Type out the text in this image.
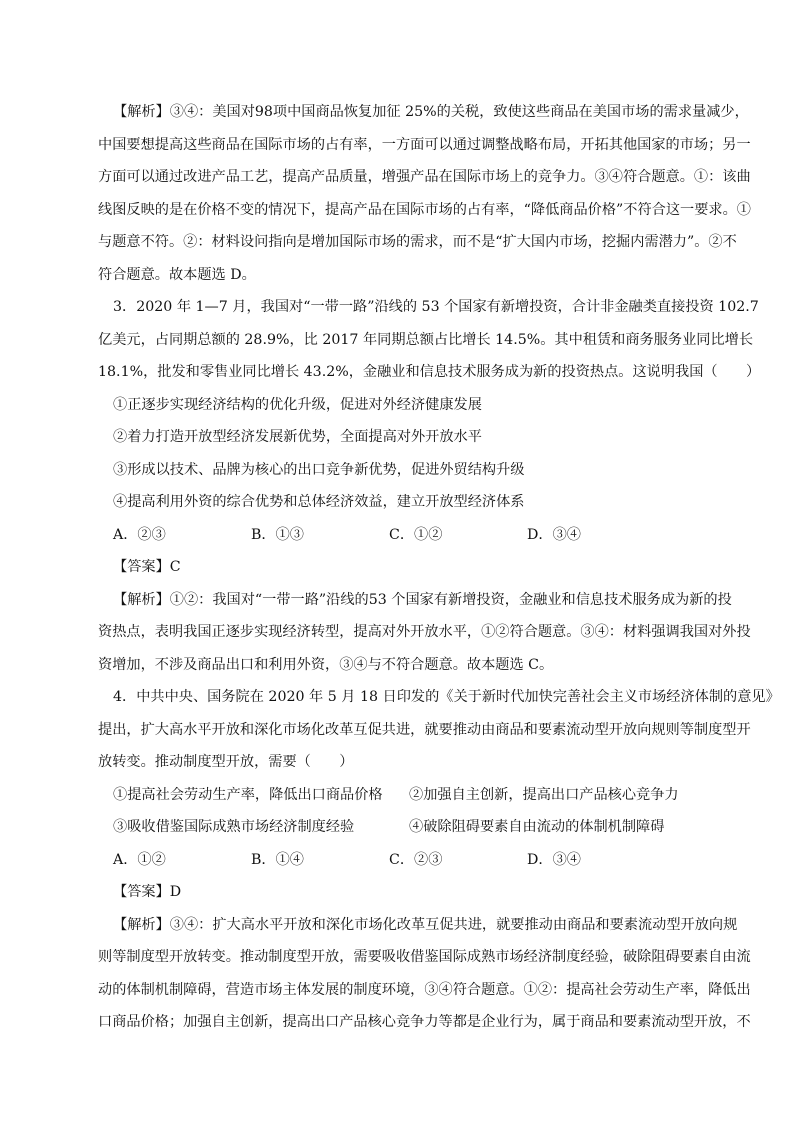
【解析】③④：美国对98项中国商品恢复加征 25%的关税，致使这些商品在美国市场的需求量减少，
中国要想提高这些商品在国际市场的占有率，一方面可以通过调整战略布局，开拓其他国家的市场；另一
方面可以通过改进产品工艺，提高产品质量，增强产品在国际市场上的竞争力。③④符合题意。①：该曲
线图反映的是在价格不变的情况下，提高产品在国际市场的占有率，“降低商品价格”不符合这一要求。①
与题意不符。②：材料设问指向是增加国际市场的需求，而不是“扩大国内市场，挖掘内需潜力”。②不
符合题意。故本题选 D。
3．2020 年 1—7 月，我国对“一带一路”沿线的 53 个国家有新增投资，合计非金融类直接投资 102.7
亿美元，占同期总额的 28.9%，比 2017 年同期总额占比增长 14.5%。其中租赁和商务服务业同比增长
18.1%，批发和零售业同比增长 43.2%，金融业和信息技术服务成为新的投资热点。这说明我国（　　）
①正逐步实现经济结构的优化升级，促进对外经济健康发展
②着力打造开放型经济发展新优势，全面提高对外开放水平
③形成以技术、品牌为核心的出口竞争新优势，促进外贸结构升级
④提高利用外资的综合优势和总体经济效益，建立开放型经济体系
A．②③	B．①③	C．①②	D．③④
【答案】C
【解析】①②：我国对“一带一路”沿线的53 个国家有新增投资，金融业和信息技术服务成为新的投
资热点，表明我国正逐步实现经济转型，提高对外开放水平，①②符合题意。③④：材料强调我国对外投
资增加，不涉及商品出口和利用外资，③④与不符合题意。故本题选 C。
4．中共中央、国务院在 2020 年 5 月 18 日印发的《关于新时代加快完善社会主义市场经济体制的意见》
提出，扩大高水平开放和深化市场化改革互促共进，就要推动由商品和要素流动型开放向规则等制度型开
放转变。推动制度型开放，需要（　　）
①提高社会劳动生产率，降低出口商品价格	②加强自主创新，提高出口产品核心竞争力
③吸收借鉴国际成熟市场经济制度经验	④破除阻碍要素自由流动的体制机制障碍
A．①②	B．①④	C．②③	D．③④
【答案】D
【解析】③④：扩大高水平开放和深化市场化改革互促共进，就要推动由商品和要素流动型开放向规
则等制度型开放转变。推动制度型开放，需要吸收借鉴国际成熟市场经济制度经验，破除阻碍要素自由流
动的体制机制障碍，营造市场主体发展的制度环境，③④符合题意。①②：提高社会劳动生产率，降低出
口商品价格；加强自主创新，提高出口产品核心竞争力等都是企业行为，属于商品和要素流动型开放，不
